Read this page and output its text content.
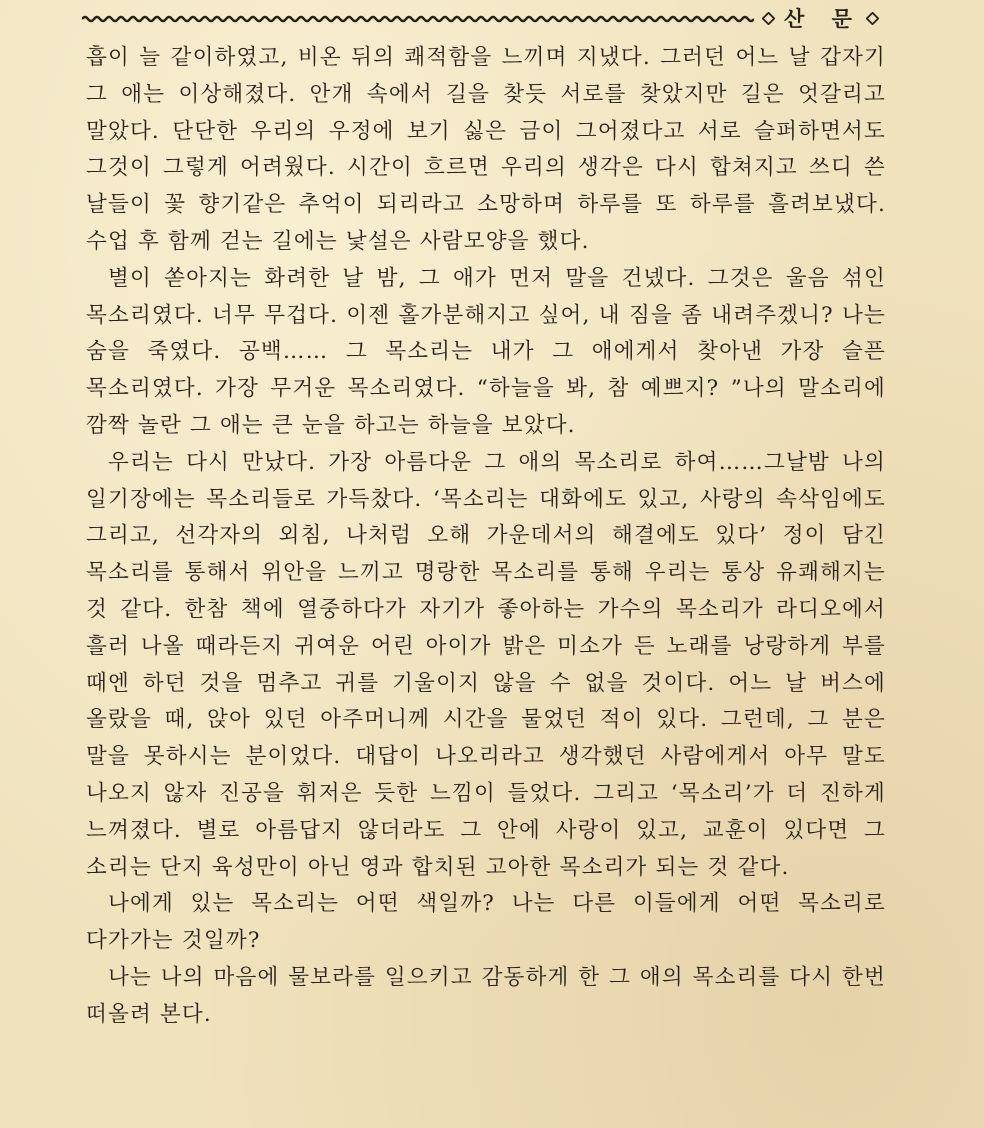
산 문

흡이 늘 같이하였고, 비온 뒤의 쾌적함을 느끼며 지냈다. 그러던 어느 날 갑자기 그 애는 이상해졌다. 안개 속에서 길을 찾듯 서로를 찾았지만 길은 엇갈리고 말았다. 단단한 우리의 우정에 보기 싫은 금이 그어졌다고 서로 슬퍼하면서도 그것이 그렇게 어려웠다. 시간이 흐르면 우리의 생각은 다시 합쳐지고 쓰디 쓴 날들이 꽃 향기같은 추억이 되리라고 소망하며 하루를 또 하루를 흘려보냈다. 수업 후 함께 걷는 길에는 낯설은 사람모양을 했다.

별이 쏟아지는 화려한 날 밤, 그 애가 먼저 말을 건넸다. 그것은 울음 섞인 목소리였다. 너무 무겁다. 이젠 홀가분해지고 싶어, 내 짐을 좀 내려주겠니? 나는 숨을 죽였다. 공백…… 그 목소리는 내가 그 애에게서 찾아낸 가장 슬픈 목소리였다. 가장 무거운 목소리였다. “하늘을 봐, 참 예쁘지? ”나의 말소리에 깜짝 놀란 그 애는 큰 눈을 하고는 하늘을 보았다.

우리는 다시 만났다. 가장 아름다운 그 애의 목소리로 하여……그날밤 나의 일기장에는 목소리들로 가득찼다. ‘목소리는 대화에도 있고, 사랑의 속삭임에도 그리고, 선각자의 외침, 나처럼 오해 가운데서의 해결에도 있다’ 정이 담긴 목소리를 통해서 위안을 느끼고 명랑한 목소리를 통해 우리는 통상 유쾌해지는 것 같다. 한참 책에 열중하다가 자기가 좋아하는 가수의 목소리가 라디오에서 흘러 나올 때라든지 귀여운 어린 아이가 밝은 미소가 든 노래를 낭랑하게 부를 때엔 하던 것을 멈추고 귀를 기울이지 않을 수 없을 것이다. 어느 날 버스에 올랐을 때, 앉아 있던 아주머니께 시간을 물었던 적이 있다. 그런데, 그 분은 말을 못하시는 분이었다. 대답이 나오리라고 생각했던 사람에게서 아무 말도 나오지 않자 진공을 휘저은 듯한 느낌이 들었다. 그리고 ‘목소리’가 더 진하게 느껴졌다. 별로 아름답지 않더라도 그 안에 사랑이 있고, 교훈이 있다면 그 소리는 단지 육성만이 아닌 영과 합치된 고아한 목소리가 되는 것 같다.

나에게 있는 목소리는 어떤 색일까? 나는 다른 이들에게 어떤 목소리로 다가가는 것일까?

나는 나의 마음에 물보라를 일으키고 감동하게 한 그 애의 목소리를 다시 한번 떠올려 본다.
